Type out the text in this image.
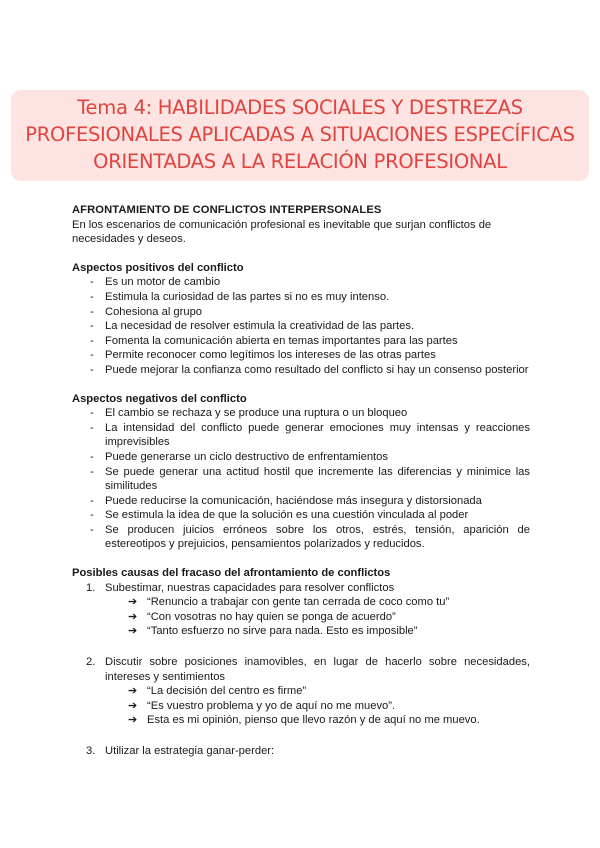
Tema 4: HABILIDADES SOCIALES Y DESTREZAS
PROFESIONALES APLICADAS A SITUACIONES ESPECÍFICAS
ORIENTADAS A LA RELACIÓN PROFESIONAL

AFRONTAMIENTO DE CONFLICTOS INTERPERSONALES

En los escenarios de comunicación profesional es inevitable que surjan conflictos de necesidades y deseos.

Aspectos positivos del conflicto

- Es un motor de cambio
- Estimula la curiosidad de las partes si no es muy intenso.
- Cohesiona al grupo
- La necesidad de resolver estimula la creatividad de las partes.
- Fomenta la comunicación abierta en temas importantes para las partes
- Permite reconocer como legítimos los intereses de las otras partes
- Puede mejorar la confianza como resultado del conflicto si hay un consenso posterior

Aspectos negativos del conflicto

- El cambio se rechaza y se produce una ruptura o un bloqueo
- La intensidad del conflicto puede generar emociones muy intensas y reacciones imprevisibles
- Puede generarse un ciclo destructivo de enfrentamientos
- Se puede generar una actitud hostil que incremente las diferencias y minimice las similitudes
- Puede reducirse la comunicación, haciéndose más insegura y distorsionada
- Se estimula la idea de que la solución es una cuestión vinculada al poder
- Se producen juicios erróneos sobre los otros, estrés, tensión, aparición de estereotipos y prejuicios, pensamientos polarizados y reducidos.

Posibles causas del fracaso del afrontamiento de conflictos

1. Subestimar, nuestras capacidades para resolver conflictos
➔ “Renuncio a trabajar con gente tan cerrada de coco como tu”
➔ “Con vosotras no hay quien se ponga de acuerdo”
➔ “Tanto esfuerzo no sirve para nada. Esto es imposible”
2. Discutir sobre posiciones inamovibles, en lugar de hacerlo sobre necesidades, intereses y sentimientos
➔ “La decisión del centro es firme”
➔ “Es vuestro problema y yo de aquí no me muevo”.
➔ Esta es mi opinión, pienso que llevo razón y de aquí no me muevo.
3. Utilizar la estrategia ganar-perder:
